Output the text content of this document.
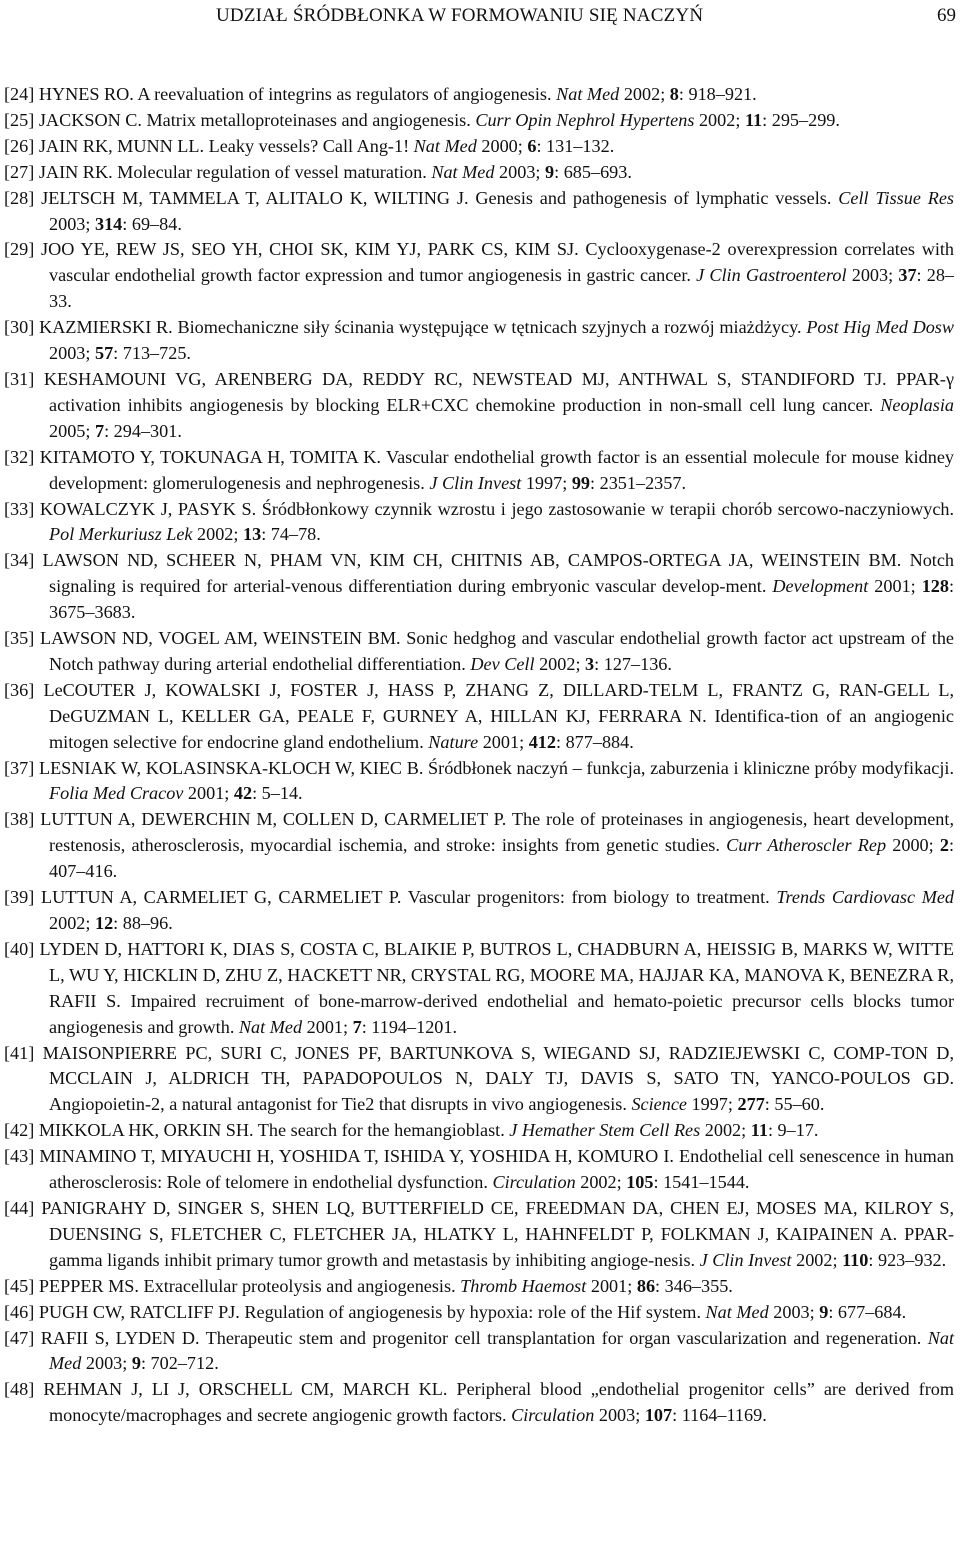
UDZIAŁ ŚRÓDBŁONKA W FORMOWANIU SIĘ NACZYŃ	69
[24] HYNES RO. A reevaluation of integrins as regulators of angiogenesis. Nat Med 2002; 8: 918–921.
[25] JACKSON C. Matrix metalloproteinases and angiogenesis. Curr Opin Nephrol Hypertens 2002; 11: 295–299.
[26] JAIN RK, MUNN LL. Leaky vessels? Call Ang-1! Nat Med 2000; 6: 131–132.
[27] JAIN RK. Molecular regulation of vessel maturation. Nat Med 2003; 9: 685–693.
[28] JELTSCH M, TAMMELA T, ALITALO K, WILTING J. Genesis and pathogenesis of lymphatic vessels. Cell Tissue Res 2003; 314: 69–84.
[29] JOO YE, REW JS, SEO YH, CHOI SK, KIM YJ, PARK CS, KIM SJ. Cyclooxygenase-2 overexpression correlates with vascular endothelial growth factor expression and tumor angiogenesis in gastric cancer. J Clin Gastroenterol 2003; 37: 28–33.
[30] KAZMIERSKI R. Biomechaniczne siły ścinania występujące w tętnicach szyjnych a rozwój miażdżycy. Post Hig Med Dosw 2003; 57: 713–725.
[31] KESHAMOUNI VG, ARENBERG DA, REDDY RC, NEWSTEAD MJ, ANTHWAL S, STANDIFORD TJ. PPAR-γ activation inhibits angiogenesis by blocking ELR+CXC chemokine production in non-small cell lung cancer. Neoplasia 2005; 7: 294–301.
[32] KITAMOTO Y, TOKUNAGA H, TOMITA K. Vascular endothelial growth factor is an essential molecule for mouse kidney development: glomerulogenesis and nephrogenesis. J Clin Invest 1997; 99: 2351–2357.
[33] KOWALCZYK J, PASYK S. Śródbłonkowy czynnik wzrostu i jego zastosowanie w terapii chorób sercowo-naczyniowych. Pol Merkuriusz Lek 2002; 13: 74–78.
[34] LAWSON ND, SCHEER N, PHAM VN, KIM CH, CHITNIS AB, CAMPOS-ORTEGA JA, WEINSTEIN BM. Notch signaling is required for arterial-venous differentiation during embryonic vascular develop-ment. Development 2001; 128: 3675–3683.
[35] LAWSON ND, VOGEL AM, WEINSTEIN BM. Sonic hedghog and vascular endothelial growth factor act upstream of the Notch pathway during arterial endothelial differentiation. Dev Cell 2002; 3: 127–136.
[36] LeCOUTER J, KOWALSKI J, FOSTER J, HASS P, ZHANG Z, DILLARD-TELM L, FRANTZ G, RAN-GELL L, DeGUZMAN L, KELLER GA, PEALE F, GURNEY A, HILLAN KJ, FERRARA N. Identifica-tion of an angiogenic mitogen selective for endocrine gland endothelium. Nature 2001; 412: 877–884.
[37] LESNIAK W, KOLASINSKA-KLOCH W, KIEC B. Śródbłonek naczyń – funkcja, zaburzenia i kliniczne próby modyfikacji. Folia Med Cracov 2001; 42: 5–14.
[38] LUTTUN A, DEWERCHIN M, COLLEN D, CARMELIET P. The role of proteinases in angiogenesis, heart development, restenosis, atherosclerosis, myocardial ischemia, and stroke: insights from genetic studies. Curr Atheroscler Rep 2000; 2: 407–416.
[39] LUTTUN A, CARMELIET G, CARMELIET P. Vascular progenitors: from biology to treatment. Trends Cardiovasc Med 2002; 12: 88–96.
[40] LYDEN D, HATTORI K, DIAS S, COSTA C, BLAIKIE P, BUTROS L, CHADBURN A, HEISSIG B, MARKS W, WITTE L, WU Y, HICKLIN D, ZHU Z, HACKETT NR, CRYSTAL RG, MOORE MA, HAJJAR KA, MANOVA K, BENEZRA R, RAFII S. Impaired recruiment of bone-marrow-derived endothelial and hemato-poietic precursor cells blocks tumor angiogenesis and growth. Nat Med 2001; 7: 1194–1201.
[41] MAISONPIERRE PC, SURI C, JONES PF, BARTUNKOVA S, WIEGAND SJ, RADZIEJEWSKI C, COMP-TON D, MCCLAIN J, ALDRICH TH, PAPADOPOULOS N, DALY TJ, DAVIS S, SATO TN, YANCO-POULOS GD. Angiopoietin-2, a natural antagonist for Tie2 that disrupts in vivo angiogenesis. Science 1997; 277: 55–60.
[42] MIKKOLA HK, ORKIN SH. The search for the hemangioblast. J Hemather Stem Cell Res 2002; 11: 9–17.
[43] MINAMINO T, MIYAUCHI H, YOSHIDA T, ISHIDA Y, YOSHIDA H, KOMURO I. Endothelial cell senescence in human atherosclerosis: Role of telomere in endothelial dysfunction. Circulation 2002; 105: 1541–1544.
[44] PANIGRAHY D, SINGER S, SHEN LQ, BUTTERFIELD CE, FREEDMAN DA, CHEN EJ, MOSES MA, KILROY S, DUENSING S, FLETCHER C, FLETCHER JA, HLATKY L, HAHNFELDT P, FOLKMAN J, KAIPAINEN A. PPAR-gamma ligands inhibit primary tumor growth and metastasis by inhibiting angioge-nesis. J Clin Invest 2002; 110: 923–932.
[45] PEPPER MS. Extracellular proteolysis and angiogenesis. Thromb Haemost 2001; 86: 346–355.
[46] PUGH CW, RATCLIFF PJ. Regulation of angiogenesis by hypoxia: role of the Hif system. Nat Med 2003; 9: 677–684.
[47] RAFII S, LYDEN D. Therapeutic stem and progenitor cell transplantation for organ vascularization and regeneration. Nat Med 2003; 9: 702–712.
[48] REHMAN J, LI J, ORSCHELL CM, MARCH KL. Peripheral blood „endothelial progenitor cells” are derived from monocyte/macrophages and secrete angiogenic growth factors. Circulation 2003; 107: 1164–1169.
